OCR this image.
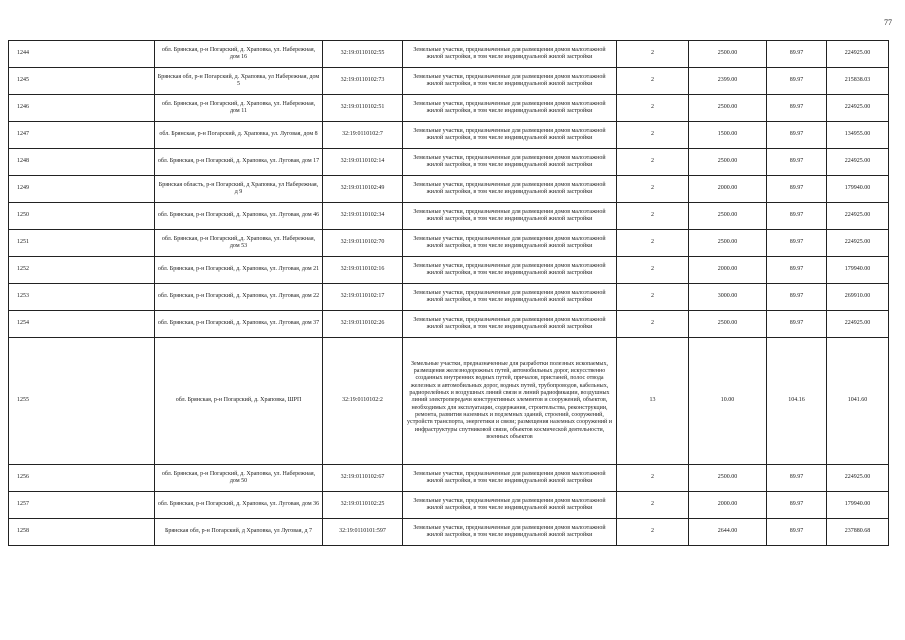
77
1244	обл. Брянская, р-н Погарский, д. Храповка, ул. Набережная, дом 16	32:19:0110102:55	Земельные участки, предназначенные для размещения домов малоэтажной жилой застройки, в том числе индивидуальной жилой застройки	2	2500.00	89.97	224925.00
1245	Брянская обл, р-н Погарский, д. Храповка, ул Набережная, дом 5	32:19:0110102:73	Земельные участки, предназначенные для размещения домов малоэтажной жилой застройки, в том числе индивидуальной жилой застройки	2	2399.00	89.97	215838.03
1246	обл. Брянская, р-н Погарский, д. Храповка, ул. Набережная, дом 11	32:19:0110102:51	Земельные участки, предназначенные для размещения домов малоэтажной жилой застройки, в том числе индивидуальной жилой застройки	2	2500.00	89.97	224925.00
1247	обл. Брянская, р-н Погарский, д. Храповка, ул. Луговая, дом 8	32:19:0110102:7	Земельные участки, предназначенные для размещения домов малоэтажной жилой застройки, в том числе индивидуальной жилой застройки	2	1500.00	89.97	134955.00
1248	обл. Брянская, р-н Погарский, д. Храповка, ул. Луговая, дом 17	32:19:0110102:14	Земельные участки, предназначенные для размещения домов малоэтажной жилой застройки, в том числе индивидуальной жилой застройки	2	2500.00	89.97	224925.00
1249	Брянская область, р-н Погарский, д Храповка, ул Набережная, д 9	32:19:0110102:49	Земельные участки, предназначенные для размещения домов малоэтажной жилой застройки, в том числе индивидуальной жилой застройки	2	2000.00	89.97	179940.00
1250	обл. Брянская, р-н Погарский, д. Храповка, ул. Луговая, дом 46	32:19:0110102:34	Земельные участки, предназначенные для размещения домов малоэтажной жилой застройки, в том числе индивидуальной жилой застройки	2	2500.00	89.97	224925.00
1251	обл. Брянская, р-н Погарский,,д. Храповка, ул. Набережная, дом 53	32:19:0110102:70	Земельные участки, предназначенные для размещения домов малоэтажной жилой застройки, в том числе индивидуальной жилой застройки	2	2500.00	89.97	224925.00
1252	обл. Брянская, р-н Погарский, д. Храповка, ул. Луговая, дом 21	32:19:0110102:16	Земельные участки, предназначенные для размещения домов малоэтажной жилой застройки, в том числе индивидуальной жилой застройки	2	2000.00	89.97	179940.00
1253	обл. Брянская, р-н Погарский, д. Храповка, ул. Луговая, дом 22	32:19:0110102:17	Земельные участки, предназначенные для размещения домов малоэтажной жилой застройки, в том числе индивидуальной жилой застройки	2	3000.00	89.97	269910.00
1254	обл. Брянская, р-н Погарский, д. Храповка, ул. Луговая, дом 37	32:19:0110102:26	Земельные участки, предназначенные для размещения домов малоэтажной жилой застройки, в том числе индивидуальной жилой застройки	2	2500.00	89.97	224925.00
1255	обл. Брянская, р-н Погарский, д. Храповка, ШРП	32:19:0110102:2	Земельные участки, предназначенные для разработки полезных ископаемых, размещения железнодорожных путей, автомобильных дорог, искусственно созданных внутренних водных путей, причалов, пристаней, полос отвода железных и автомобильных дорог, водных путей, трубопроводов, кабельных, радиорелейных и воздушных линий связи и линий радиофикации, воздушных линий электропередачи конструктивных элементов и сооружений, объектов, необходимых для эксплуатации, содержания, строительства, реконструкции, ремонта, развития наземных и подземных зданий, строений, сооружений, устройств транспорта, энергетики и связи; размещения наземных сооружений и инфраструктуры спутниковой связи, объектов космической деятельности, военных объектов	13	10.00	104.16	1041.60
1256	обл. Брянская, р-н Погарский, д. Храповка, ул. Набережная, дом 50	32:19:0110102:67	Земельные участки, предназначенные для размещения домов малоэтажной жилой застройки, в том числе индивидуальной жилой застройки	2	2500.00	89.97	224925.00
1257	обл. Брянская, р-н Погарский, д. Храповка, ул. Луговая, дом 36	32:19:0110102:25	Земельные участки, предназначенные для размещения домов малоэтажной жилой застройки, в том числе индивидуальной жилой застройки	2	2000.00	89.97	179940.00
1258	Брянская обл, р-н Погарский, д Храповка, ул Луговая, д 7	32:19:0110101:597	Земельные участки, предназначенные для размещения домов малоэтажной жилой застройки, в том числе индивидуальной жилой застройки	2	2644.00	89.97	237880.68
